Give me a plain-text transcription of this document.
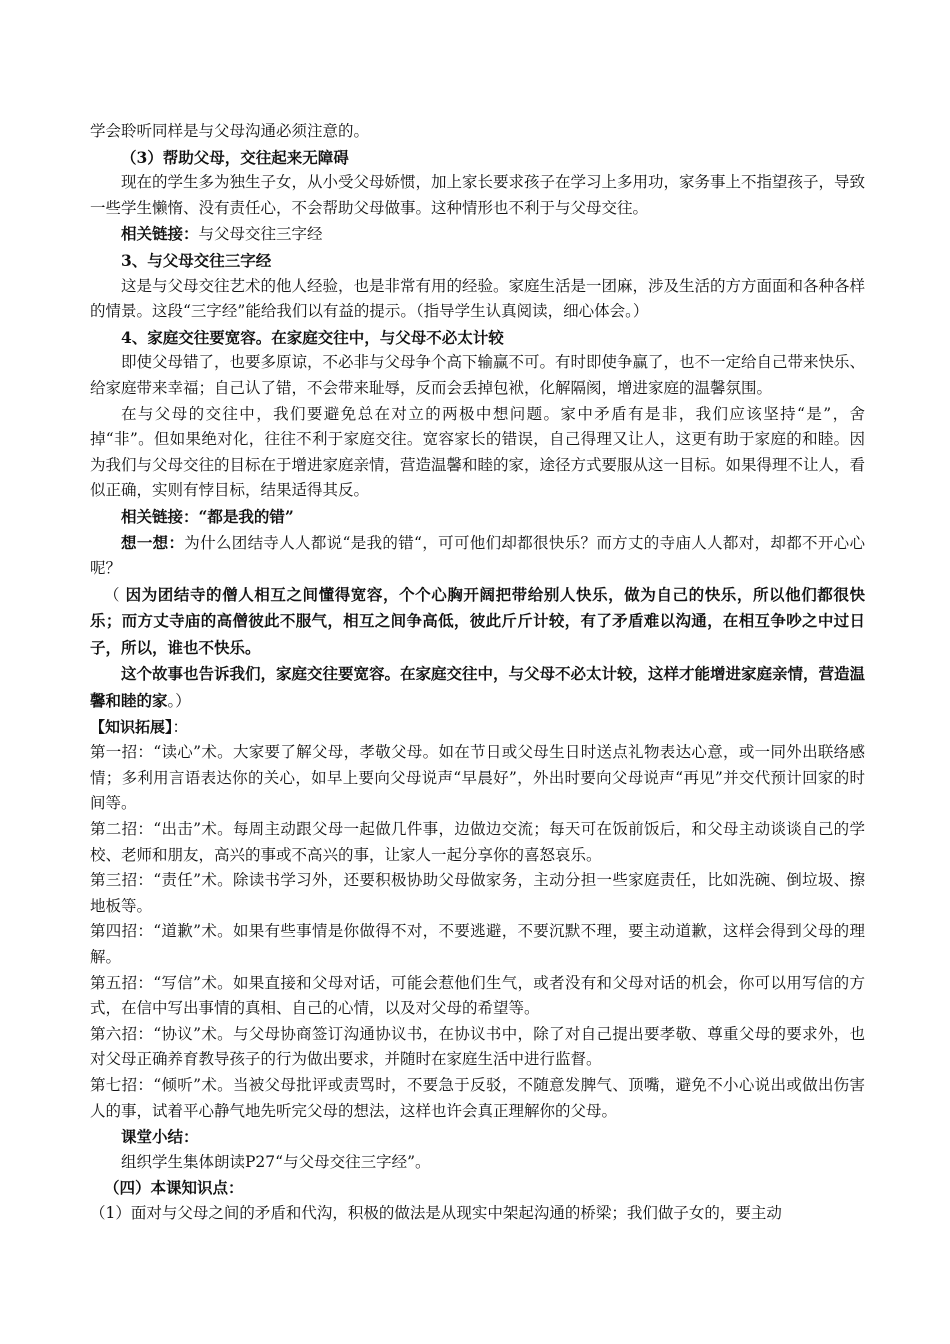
学会聆听同样是与父母沟通必须注意的。

（3）帮助父母，交往起来无障碍

现在的学生多为独生子女，从小受父母娇惯，加上家长要求孩子在学习上多用功，家务事上不指望孩子，导致一些学生懒惰、没有责任心，不会帮助父母做事。这种情形也不利于与父母交往。

相关链接：与父母交往三字经

3、与父母交往三字经

这是与父母交往艺术的他人经验，也是非常有用的经验。家庭生活是一团麻，涉及生活的方方面面和各种各样的情景。这段“三字经”能给我们以有益的提示。（指导学生认真阅读，细心体会。）

4、家庭交往要宽容。在家庭交往中，与父母不必太计较

即使父母错了，也要多原谅，不必非与父母争个高下输赢不可。有时即使争赢了，也不一定给自己带来快乐、给家庭带来幸福；自己认了错，不会带来耻辱，反而会丢掉包袱，化解隔阂，增进家庭的温馨氛围。

在与父母的交往中，我们要避免总在对立的两极中想问题。家中矛盾有是非，我们应该坚持“是”，舍掉“非”。但如果绝对化，往往不利于家庭交往。宽容家长的错误，自己得理又让人，这更有助于家庭的和睦。因为我们与父母交往的目标在于增进家庭亲情，营造温馨和睦的家，途径方式要服从这一目标。如果得理不让人，看似正确，实则有悖目标，结果适得其反。

相关链接：“都是我的错”

想一想：为什么团结寺人人都说“是我的错“，可可他们却都很快乐？而方丈的寺庙人人都对，却都不开心心呢？

（ 因为团结寺的僧人相互之间懂得宽容，个个心胸开阔把带给别人快乐，做为自己的快乐，所以他们都很快乐；而方丈寺庙的高僧彼此不服气，相互之间争高低，彼此斤斤计较，有了矛盾难以沟通，在相互争吵之中过日子，所以，谁也不快乐。

这个故事也告诉我们，家庭交往要宽容。在家庭交往中，与父母不必太计较，这样才能增进家庭亲情，营造温馨和睦的家。）

【知识拓展】：

第一招：“读心”术。大家要了解父母，孝敬父母。如在节日或父母生日时送点礼物表达心意，或一同外出联络感情；多利用言语表达你的关心，如早上要向父母说声“早晨好”，外出时要向父母说声“再见”并交代预计回家的时间等。

第二招：“出击”术。每周主动跟父母一起做几件事，边做边交流；每天可在饭前饭后，和父母主动谈谈自己的学校、老师和朋友，高兴的事或不高兴的事，让家人一起分享你的喜怒哀乐。

第三招：“责任”术。除读书学习外，还要积极协助父母做家务，主动分担一些家庭责任，比如洗碗、倒垃圾、擦地板等。

第四招：“道歉”术。如果有些事情是你做得不对，不要逃避，不要沉默不理，要主动道歉，这样会得到父母的理解。

第五招：“写信”术。如果直接和父母对话，可能会惹他们生气，或者没有和父母对话的机会，你可以用写信的方式，在信中写出事情的真相、自己的心情，以及对父母的希望等。

第六招：“协议”术。与父母协商签订沟通协议书，在协议书中，除了对自己提出要孝敬、尊重父母的要求外，也对父母正确养育教导孩子的行为做出要求，并随时在家庭生活中进行监督。

第七招：“倾听”术。当被父母批评或责骂时，不要急于反驳，不随意发脾气、顶嘴，避免不小心说出或做出伤害人的事，试着平心静气地先听完父母的想法，这样也许会真正理解你的父母。

课堂小结：

组织学生集体朗读P27“与父母交往三字经”。

（四）本课知识点：

（1）面对与父母之间的矛盾和代沟，积极的做法是从现实中架起沟通的桥梁；我们做子女的，要主动
